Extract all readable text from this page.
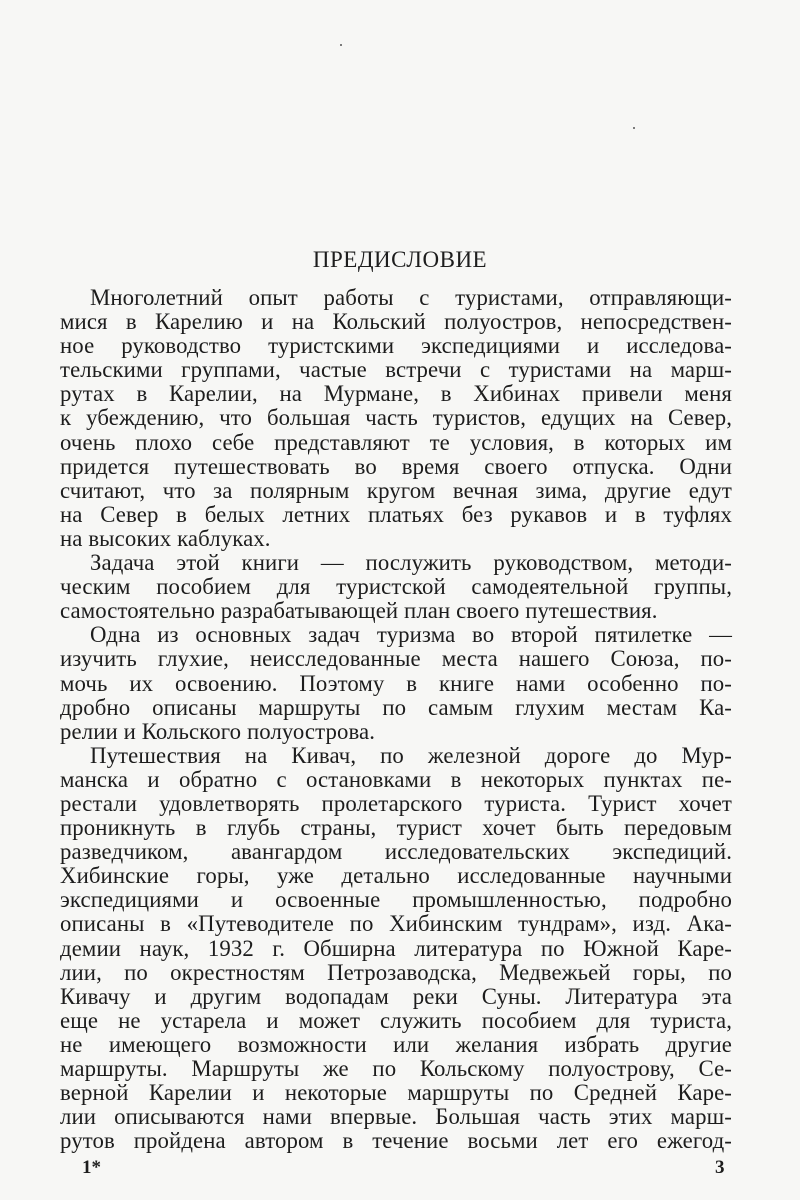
ПРЕДИСЛОВИЕ
Многолетний опыт работы с туристами, отправляющи-
мися в Карелию и на Кольский полуостров, непосредствен-
ное руководство туристскими экспедициями и исследова-
тельскими группами, частые встречи с туристами на марш-
рутах в Карелии, на Мурмане, в Хибинах привели меня
к убеждению, что большая часть туристов, едущих на Север,
очень плохо себе представляют те условия, в которых им
придется путешествовать во время своего отпуска. Одни
считают, что за полярным кругом вечная зима, другие едут
на Север в белых летних платьях без рукавов и в туфлях
на высоких каблуках.
Задача этой книги — послужить руководством, методи-
ческим пособием для туристской самодеятельной группы,
самостоятельно разрабатывающей план своего путешествия.
Одна из основных задач туризма во второй пятилетке —
изучить глухие, неисследованные места нашего Союза, по-
мочь их освоению. Поэтому в книге нами особенно по-
дробно описаны маршруты по самым глухим местам Ка-
релии и Кольского полуострова.
Путешествия на Кивач, по железной дороге до Мур-
манска и обратно с остановками в некоторых пунктах пе-
рестали удовлетворять пролетарского туриста. Турист хочет
проникнуть в глубь страны, турист хочет быть передовым
разведчиком, авангардом исследовательских экспедиций.
Хибинские горы, уже детально исследованные научными
экспедициями и освоенные промышленностью, подробно
описаны в «Путеводителе по Хибинским тундрам», изд. Ака-
демии наук, 1932 г. Обширна литература по Южной Каре-
лии, по окрестностям Петрозаводска, Медвежьей горы, по
Кивачу и другим водопадам реки Суны. Литература эта
еще не устарела и может служить пособием для туриста,
не имеющего возможности или желания избрать другие
маршруты. Маршруты же по Кольскому полуострову, Се-
верной Карелии и некоторые маршруты по Средней Каре-
лии описываются нами впервые. Большая часть этих марш-
рутов пройдена автором в течение восьми лет его ежегод-
1*	3
